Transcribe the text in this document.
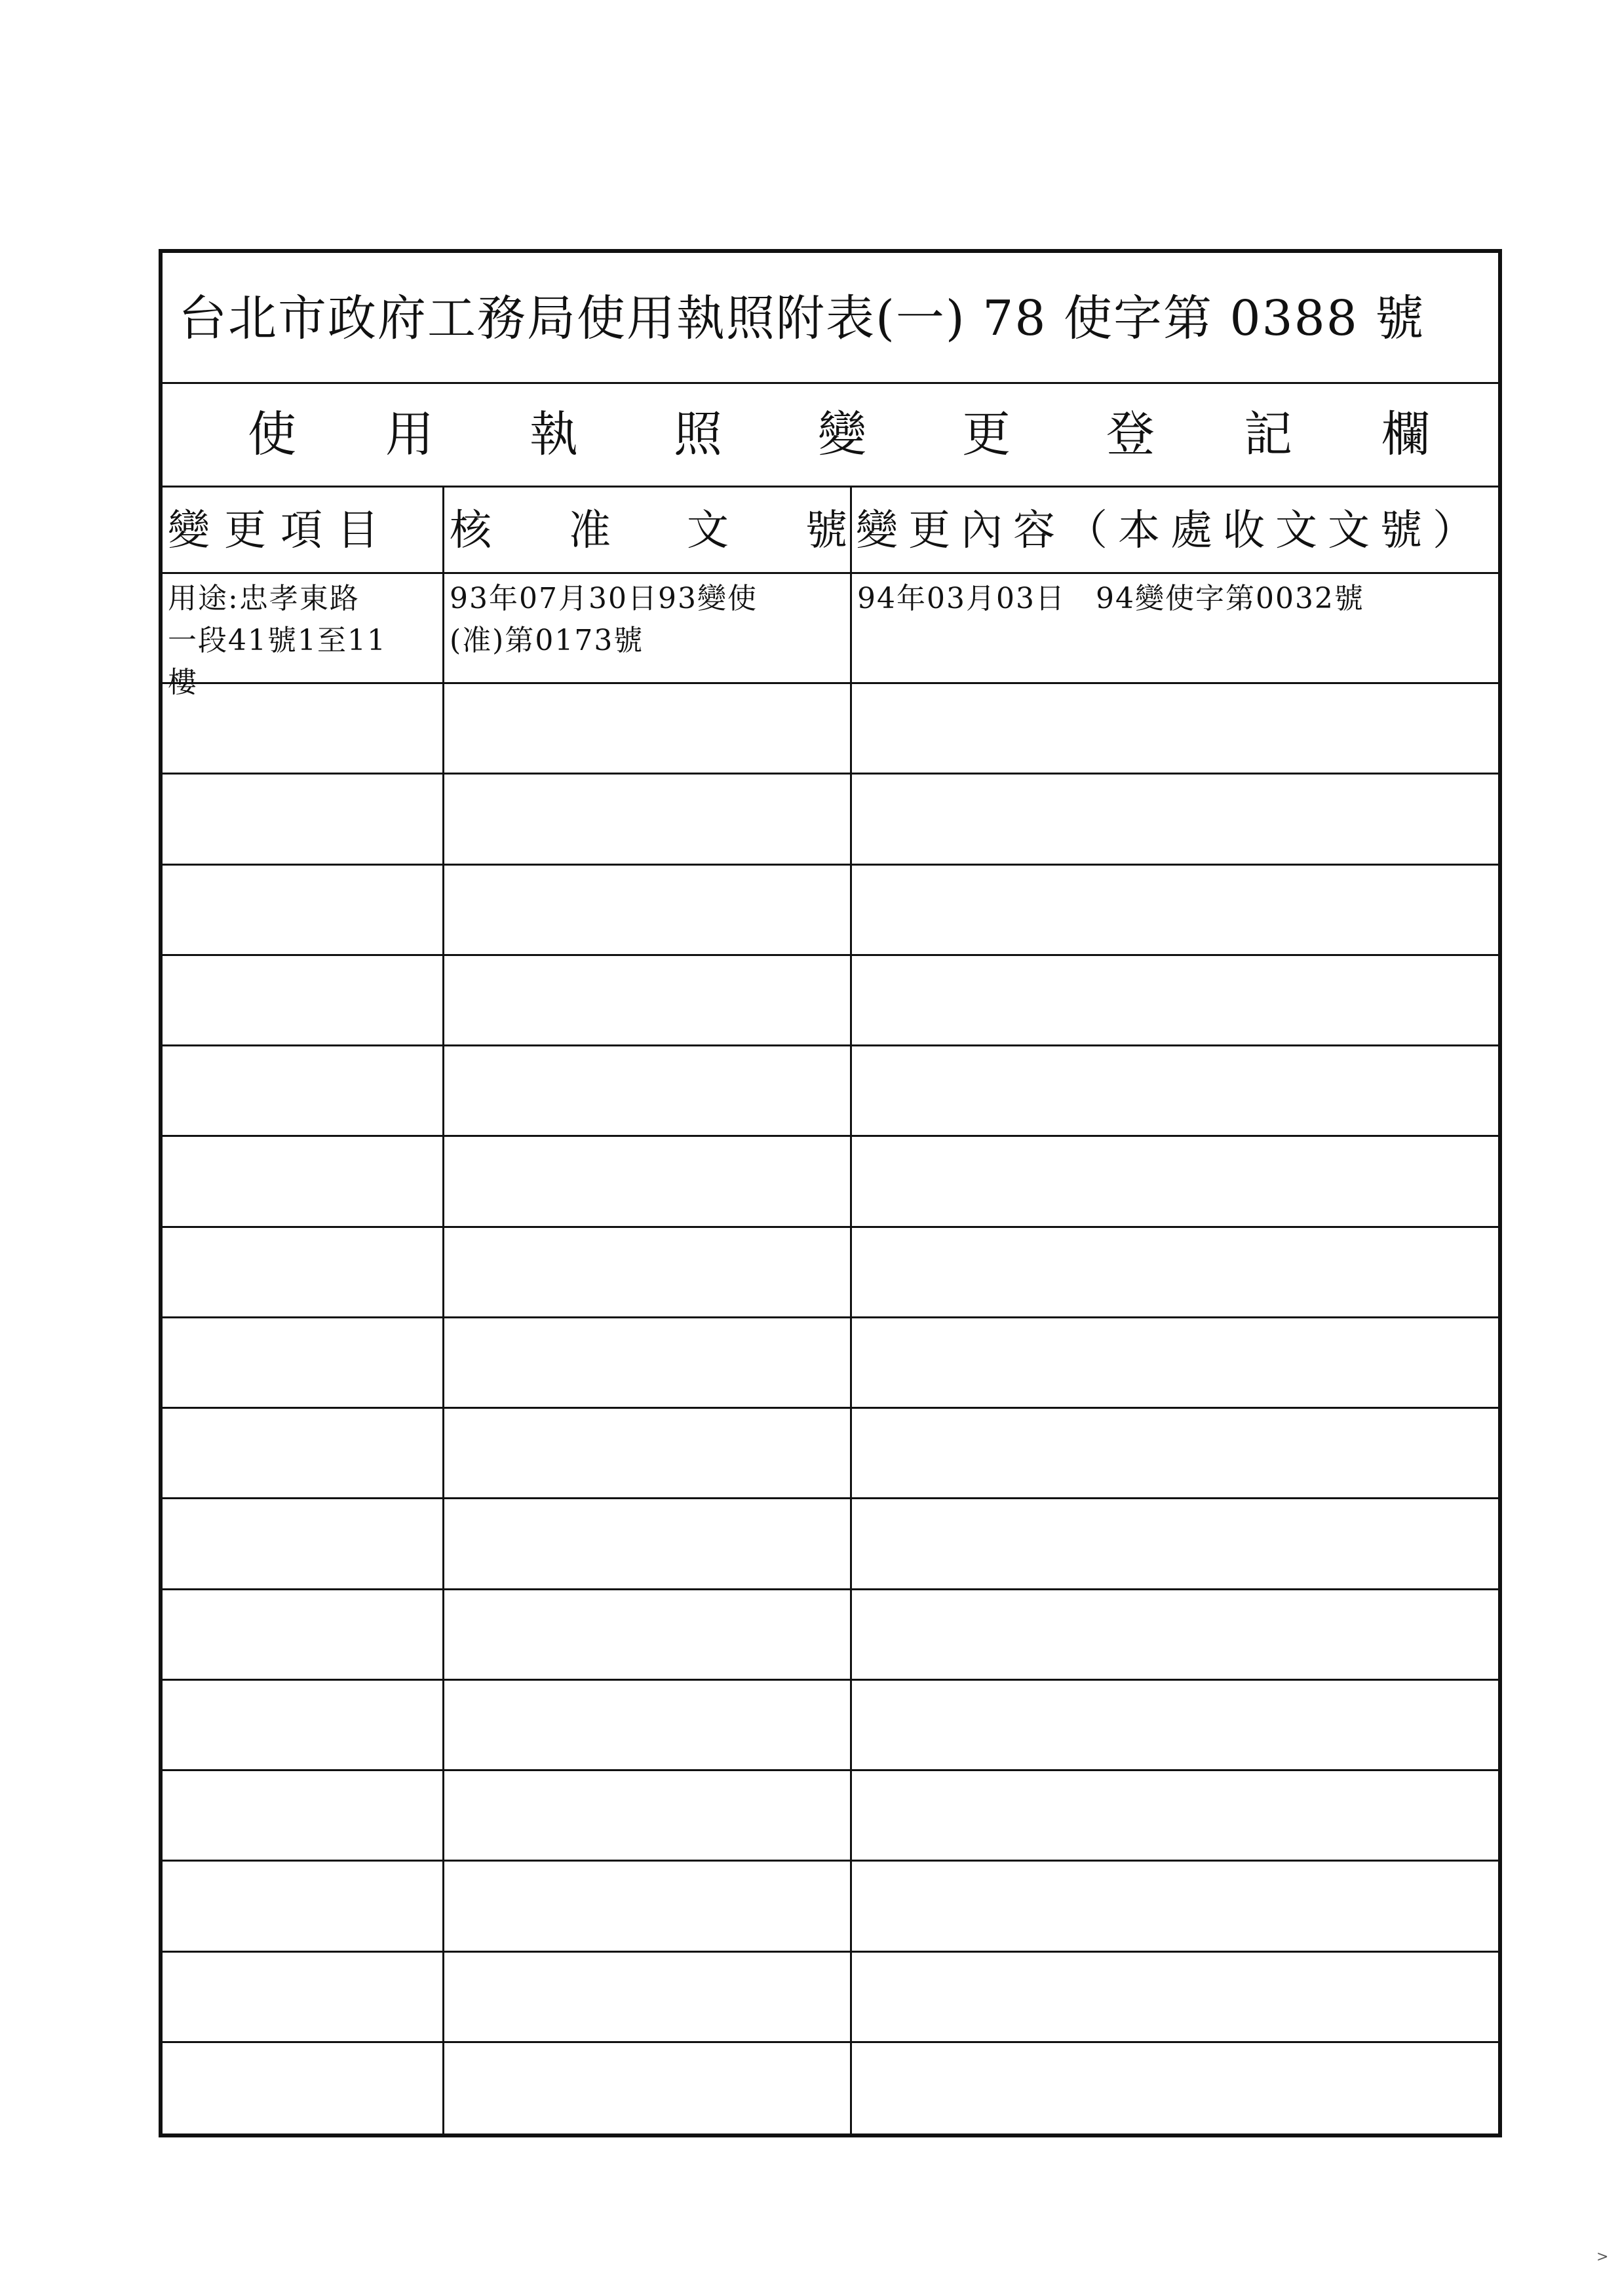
台北市政府工務局使用執照附表(一) 78 使字第 0388 號
使 用 執 照 變 更 登 記 欄
變更項目	核 准 文 號 變更內容（本處收文文號）
用途:忠孝東路
一段41號1至11
樓
93年07月30日93變使
(准)第0173號
94年03月03日　94變使字第0032號
>
